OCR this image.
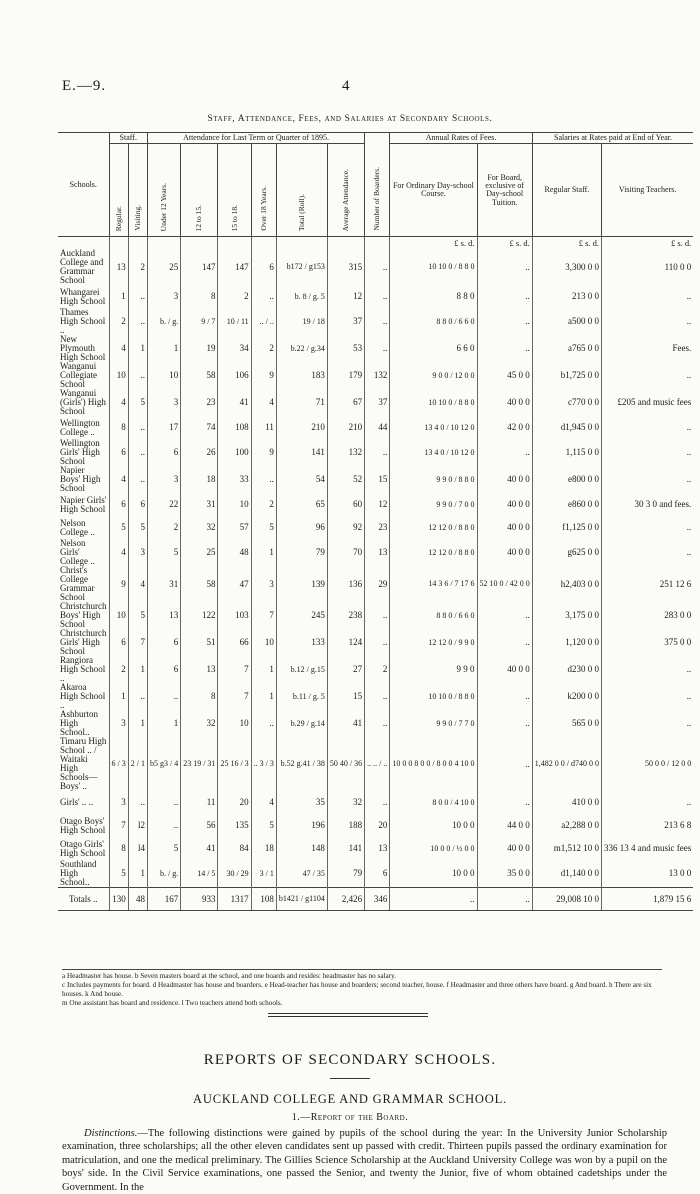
E.—9.	4
Staff, Attendance, Fees, and Salaries at Secondary Schools.
Schools.	Staff.		Attendance for Last Term or Quarter of 1895.						Number of Boarders.	Annual Rates of Fees.		Salaries at Rates paid at End of Year.	
	Regular.	Visiting.	Under 12 Years.	12 to 15.	15 to 18.	Over 18 Years.	Total (Roll).	Average Attendance.		For Ordinary Day-school Course.	For Board, exclusive of Day-school Tuition.	Regular Staff.	Visiting Teachers.
										£ s. d.	£ s. d.	£ s. d.	£ s. d.
Auckland College and Grammar School	13	2	25	147	147	6	b172 / g153	315	..	10 10 0 / 8 8 0	..	3,300 0 0	110 0 0
Whangarei High School	1	..	3	8	2	..	b. 8 / g. 5	12	..	8 8 0	..	213 0 0	..
Thames High School ..	2	..	b. / g.	9 / 7	10 / 11	.. / ..	19 / 18	37	..	8 8 0 / 6 6 0	..	a500 0 0	..
New Plymouth High School	4	1	1	19	34	2	b.22 / g.34	53	..	6 6 0	..	a765 0 0	Fees.
Wanganui Collegiate School	10	..	10	58	106	9	183	179	132	9 0 0 / 12 0 0	45 0 0	b1,725 0 0	..
Wanganui (Girls') High School	4	5	3	23	41	4	71	67	37	10 10 0 / 8 8 0	40 0 0	c770 0 0	£205 and music fees
Wellington College ..	8	..	17	74	108	11	210	210	44	13 4 0 / 10 12 0	42 0 0	d1,945 0 0	..
Wellington Girls' High School	6	..	6	26	100	9	141	132	..	13 4 0 / 10 12 0	..	1,115 0 0	..
Napier Boys' High School	4	..	3	18	33	..	54	52	15	9 9 0 / 8 8 0	40 0 0	e800 0 0	..
Napier Girls' High School	6	6	22	31	10	2	65	60	12	9 9 0 / 7 0 0	40 0 0	e860 0 0	30 3 0 and fees.
Nelson College ..	5	5	2	32	57	5	96	92	23	12 12 0 / 8 8 0	40 0 0	f1,125 0 0	..
Nelson Girls' College ..	4	3	5	25	48	1	79	70	13	12 12 0 / 8 8 0	40 0 0	g625 0 0	..
Christ's College Grammar School	9	4	31	58	47	3	139	136	29	14 3 6 / 7 17 6	52 10 0 / 42 0 0	h2,403 0 0	251 12 6
Christchurch Boys' High School	10	5	13	122	103	7	245	238	..	8 8 0 / 6 6 0	..	3,175 0 0	283 0 0
Christchurch Girls' High School	6	7	6	51	66	10	133	124	..	12 12 0 / 9 9 0	..	1,120 0 0	375 0 0
Rangiora High School ..	2	1	6	13	7	1	b.12 / g.15	27	2	9 9 0	40 0 0	d230 0 0	..
Akaroa High School ..	1	..	..	8	7	1	b.11 / g. 5	15	..	10 10 0 / 8 8 0	..	k200 0 0	..
Ashburton High School..	3	1	1	32	10	..	b.29 / g.14	41	..	9 9 0 / 7 7 0	..	565 0 0	..
Timaru High School .. / Waitaki High Schools— Boys' ..	6 / 3	2 / 1	b5 g3 / 4	23 19 / 31	25 16 / 3	.. 3 / 3	b.52 g.41 / 38	50 40 / 36	.. .. / ..	10 0 0 8 0 0 / 8 0 0 4 10 0	..	1,482 0 0 / d740 0 0	50 0 0 / 12 0 0
Girls' .. ..	3	..	..	11	20	4	35	32	..	8 0 0 / 4 10 0	..	410 0 0	..
Otago Boys' High School	7	l2	..	56	135	5	196	188	20	10 0 0	44 0 0	a2,288 0 0	213 6 8
Otago Girls' High School	8	l4	5	41	84	18	148	141	13	10 0 0 / ½ 0 0	40 0 0	m1,512 10 0	336 13 4 and music fees
Southland High School..	5	1	b. / g.	14 / 5	30 / 29	3 / 1	47 / 35	79	6	10 0 0	35 0 0	d1,140 0 0	13 0 0
Totals ..	130	48	167	933	1317	108	b1421 / g1104	2,426	346	..	..	29,008 10 0	1,879 15 6
a Headmaster has house. b Seven masters board at the school, and one boards and resides: headmaster has no salary.
c Includes payments for board. d Headmaster has house and boarders. e Head-teacher has house and boarders; second teacher, house. f Headmaster and three others have board. g And board. h There are six houses. k And house.
m One assistant has board and residence. l Two teachers attend both schools.
REPORTS OF SECONDARY SCHOOLS.
AUCKLAND COLLEGE AND GRAMMAR SCHOOL.
1.—Report of the Board.
Distinctions.—The following distinctions were gained by pupils of the school during the year: In the University Junior Scholarship examination, three scholarships; all the other eleven candidates sent up passed with credit. Thirteen pupils passed the ordinary examination for matriculation, and one the medical preliminary. The Gillies Science Scholarship at the Auckland University College was won by a pupil on the boys' side. In the Civil Service examinations, one passed the Senior, and twenty the Junior, five of whom obtained cadetships under the Government. In the
